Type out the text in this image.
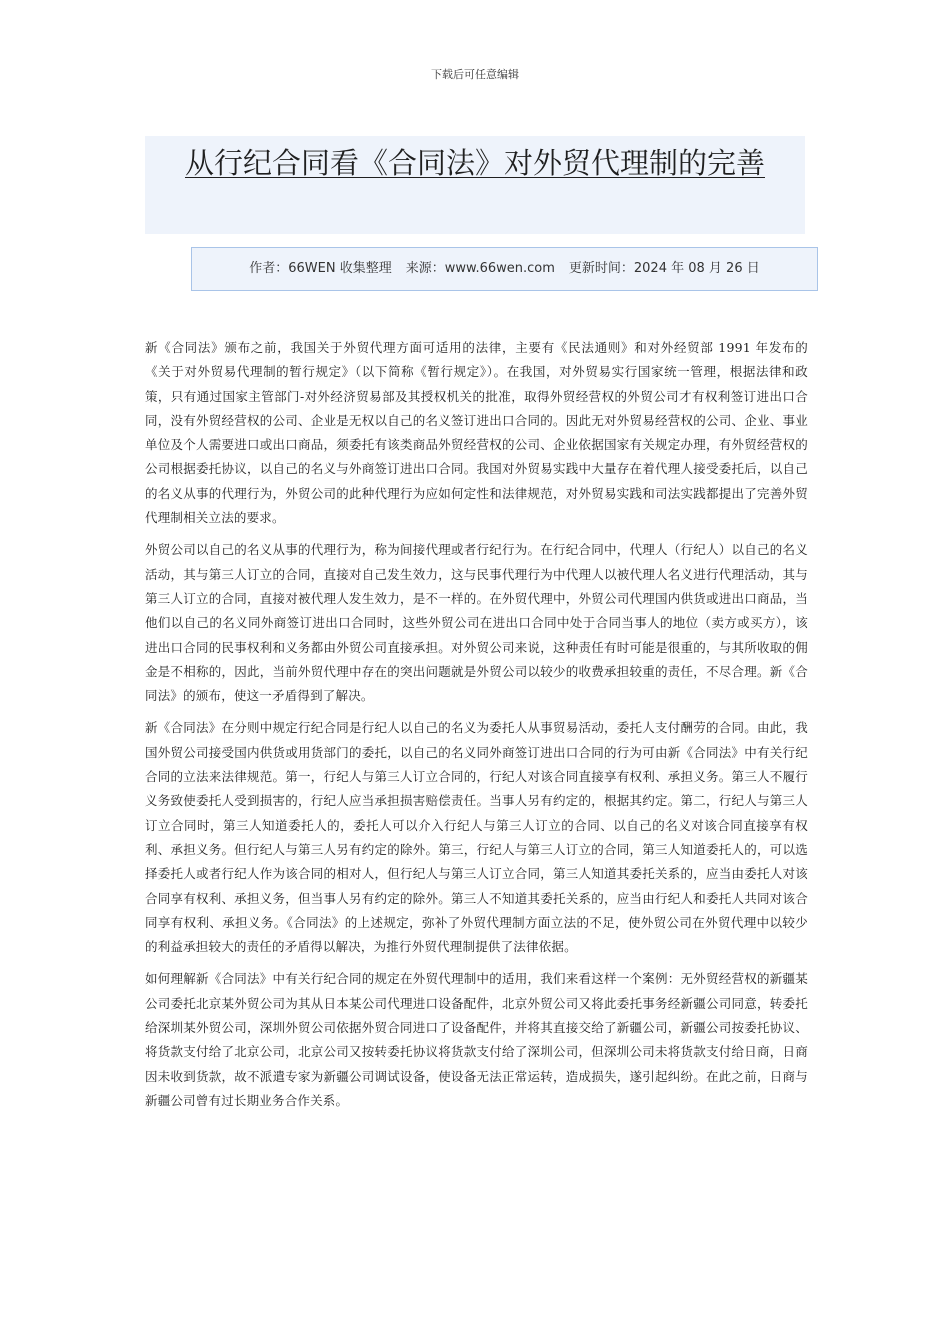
下载后可任意编辑
从行纪合同看《合同法》对外贸代理制的完善
作者：66WEN 收集整理 来源：www.66wen.com 更新时间：2024 年 08 月 26 日

新《合同法》颁布之前，我国关于外贸代理方面可适用的法律，主要有《民法通则》和对外经贸部 1991 年发布的《关于对外贸易代理制的暂行规定》（以下简称《暂行规定》）。在我国，对外贸易实行国家统一管理，根据法律和政策，只有通过国家主管部门-对外经济贸易部及其授权机关的批准，取得外贸经营权的外贸公司才有权利签订进出口合同，没有外贸经营权的公司、企业是无权以自己的名义签订进出口合同的。因此无对外贸易经营权的公司、企业、事业单位及个人需要进口或出口商品，须委托有该类商品外贸经营权的公司、企业依据国家有关规定办理，有外贸经营权的公司根据委托协议，以自己的名义与外商签订进出口合同。我国对外贸易实践中大量存在着代理人接受委托后，以自己的名义从事的代理行为，外贸公司的此种代理行为应如何定性和法律规范，对外贸易实践和司法实践都提出了完善外贸代理制相关立法的要求。

外贸公司以自己的名义从事的代理行为，称为间接代理或者行纪行为。在行纪合同中，代理人（行纪人）以自己的名义活动，其与第三人订立的合同，直接对自己发生效力，这与民事代理行为中代理人以被代理人名义进行代理活动，其与第三人订立的合同，直接对被代理人发生效力，是不一样的。在外贸代理中，外贸公司代理国内供货或进出口商品，当他们以自己的名义同外商签订进出口合同时，这些外贸公司在进出口合同中处于合同当事人的地位（卖方或买方），该进出口合同的民事权利和义务都由外贸公司直接承担。对外贸公司来说，这种责任有时可能是很重的，与其所收取的佣金是不相称的，因此，当前外贸代理中存在的突出问题就是外贸公司以较少的收费承担较重的责任，不尽合理。新《合同法》的颁布，使这一矛盾得到了解决。

新《合同法》在分则中规定行纪合同是行纪人以自己的名义为委托人从事贸易活动，委托人支付酬劳的合同。由此，我国外贸公司接受国内供货或用货部门的委托，以自己的名义同外商签订进出口合同的行为可由新《合同法》中有关行纪合同的立法来法律规范。第一，行纪人与第三人订立合同的，行纪人对该合同直接享有权利、承担义务。第三人不履行义务致使委托人受到损害的，行纪人应当承担损害赔偿责任。当事人另有约定的，根据其约定。第二，行纪人与第三人订立合同时，第三人知道委托人的，委托人可以介入行纪人与第三人订立的合同、以自己的名义对该合同直接享有权利、承担义务。但行纪人与第三人另有约定的除外。第三，行纪人与第三人订立的合同，第三人知道委托人的，可以选择委托人或者行纪人作为该合同的相对人，但行纪人与第三人订立合同，第三人知道其委托关系的，应当由委托人对该合同享有权利、承担义务，但当事人另有约定的除外。第三人不知道其委托关系的，应当由行纪人和委托人共同对该合同享有权利、承担义务。《合同法》的上述规定，弥补了外贸代理制方面立法的不足，使外贸公司在外贸代理中以较少的利益承担较大的责任的矛盾得以解决，为推行外贸代理制提供了法律依据。

如何理解新《合同法》中有关行纪合同的规定在外贸代理制中的适用，我们来看这样一个案例：无外贸经营权的新疆某公司委托北京某外贸公司为其从日本某公司代理进口设备配件，北京外贸公司又将此委托事务经新疆公司同意，转委托给深圳某外贸公司，深圳外贸公司依据外贸合同进口了设备配件，并将其直接交给了新疆公司，新疆公司按委托协议、将货款支付给了北京公司，北京公司又按转委托协议将货款支付给了深圳公司，但深圳公司未将货款支付给日商，日商因未收到货款，故不派遣专家为新疆公司调试设备，使设备无法正常运转，造成损失，遂引起纠纷。在此之前，日商与新疆公司曾有过长期业务合作关系。
